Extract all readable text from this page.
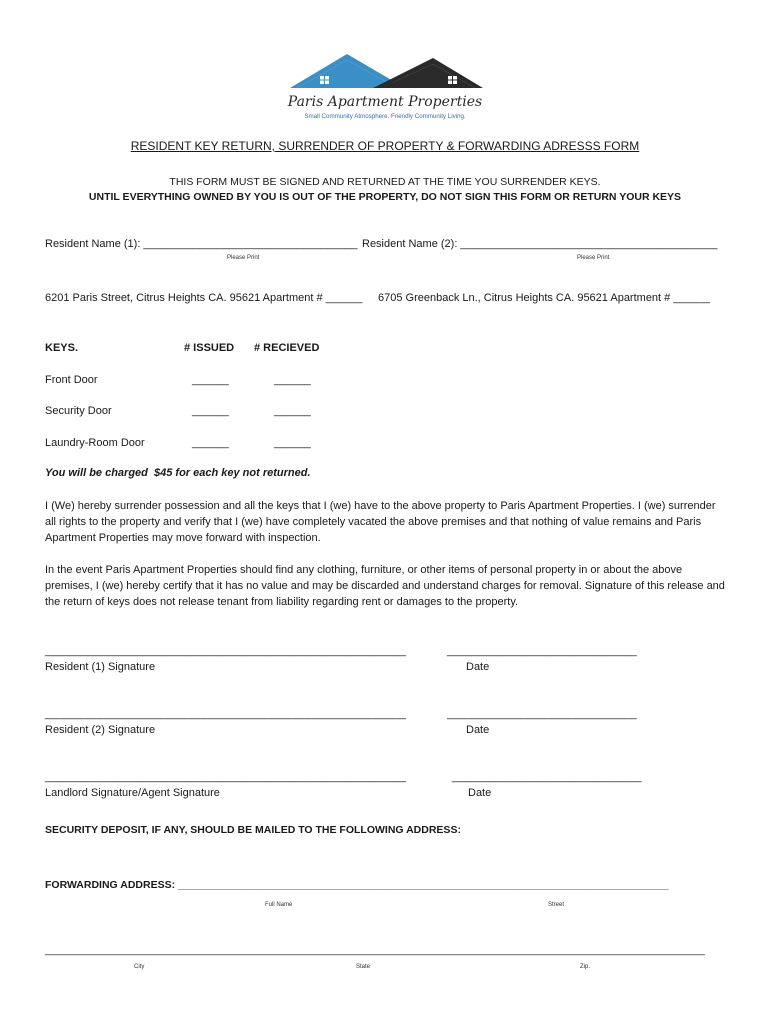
Paris Apartment Properties
Small Community Atmosphere. Friendly Community Living.
RESIDENT KEY RETURN, SURRENDER OF PROPERTY & FORWARDING ADRESSS FORM
THIS FORM MUST BE SIGNED AND RETURNED AT THE TIME YOU SURRENDER KEYS.
UNTIL EVERYTHING OWNED BY YOU IS OUT OF THE PROPERTY, DO NOT SIGN THIS FORM OR RETURN YOUR KEYS
Resident Name (1): ___________________________________ Resident Name (2): __________________________________________
Please Print	Please Print
6201 Paris Street, Citrus Heights CA. 95621 Apartment # ______ 6705 Greenback Ln., Citrus Heights CA. 95621 Apartment # ______
KEYS.	# ISSUED # RECIEVED
Front Door	______	______
Security Door	______	______
Laundry-Room Door	______	______
You will be charged  $45 for each key not returned.
I (We) hereby surrender possession and all the keys that I (we) have to the above property to Paris Apartment Properties. I (we) surrender all rights to the property and verify that I (we) have completely vacated the above premises and that nothing of value remains and Paris Apartment Properties may move forward with inspection.
In the event Paris Apartment Properties should find any clothing, furniture, or other items of personal property in or about the above premises, I (we) hereby certify that it has no value and may be discarded and understand charges for removal. Signature of this release and the return of keys does not release tenant from liability regarding rent or damages to the property.
___________________________________________________________	_______________________________
Resident (1) Signature	Date
___________________________________________________________	_______________________________
Resident (2) Signature	Date
___________________________________________________________	_______________________________
Landlord Signature/Agent Signature	Date
SECURITY DEPOSIT, IF ANY, SHOULD BE MAILED TO THE FOLLOWING ADDRESS:
FORWARDING ADDRESS: ____________________________________________________________________________________
Full Name	Street
_________________________________________________________________________________________________________________
City	State	Zip.
